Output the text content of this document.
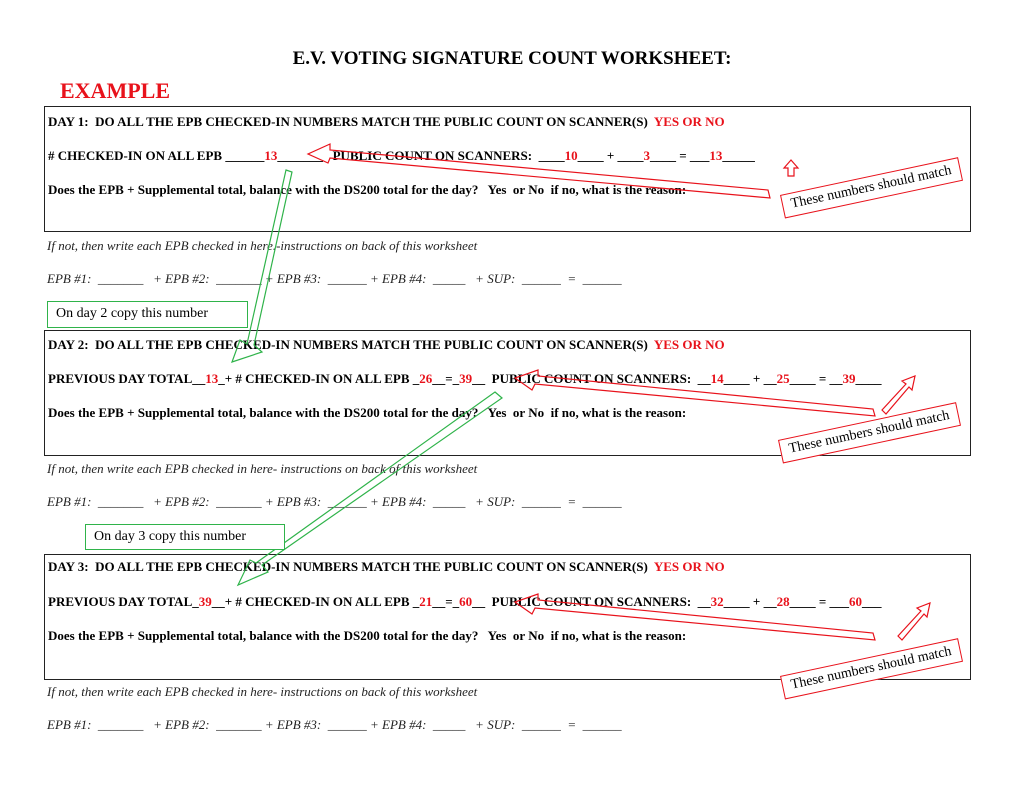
E.V. VOTING SIGNATURE COUNT WORKSHEET:
EXAMPLE
DAY 1:  DO ALL THE EPB CHECKED-IN NUMBERS MATCH THE PUBLIC COUNT ON SCANNER(S) YES OR NO
# CHECKED-IN ON ALL EPB ______13_______   PUBLIC COUNT ON SCANNERS:  ____10____ + ____3____ = ___13_____
Does the EPB + Supplemental total, balance with the DS200 total for the day?   Yes  or No  if no, what is the reason:
If not, then write each EPB checked in here.-instructions on back of this worksheet
EPB #1:  _______   + EPB #2:  _______ + EPB #3:  ______ + EPB #4:  _____   + SUP:  ______  =  ______
DAY 2:  DO ALL THE EPB CHECKED-IN NUMBERS MATCH THE PUBLIC COUNT ON SCANNER(S) YES OR NO
PREVIOUS DAY TOTAL__13_+ # CHECKED-IN ON ALL EPB _26__=_39__  PUBLIC COUNT ON SCANNERS:  __14____ + __25____ = __39____
Does the EPB + Supplemental total, balance with the DS200 total for the day?   Yes  or No  if no, what is the reason:
If not, then write each EPB checked in here- instructions on back of this worksheet
EPB #1:  _______   + EPB #2:  _______ + EPB #3:  ______ + EPB #4:  _____   + SUP:  ______  =  ______
DAY 3:  DO ALL THE EPB CHECKED-IN NUMBERS MATCH THE PUBLIC COUNT ON SCANNER(S) YES OR NO
PREVIOUS DAY TOTAL_39__+ # CHECKED-IN ON ALL EPB _21__=_60__  PUBLIC COUNT ON SCANNERS:  __32____ + __28____ = ___60___
Does the EPB + Supplemental total, balance with the DS200 total for the day?   Yes  or No  if no, what is the reason:
If not, then write each EPB checked in here- instructions on back of this worksheet
EPB #1:  _______   + EPB #2:  _______ + EPB #3:  ______ + EPB #4:  _____   + SUP:  ______  =  ______
On day 2 copy this number
On day 3 copy this number
These numbers should match
These numbers should match
These numbers should match
